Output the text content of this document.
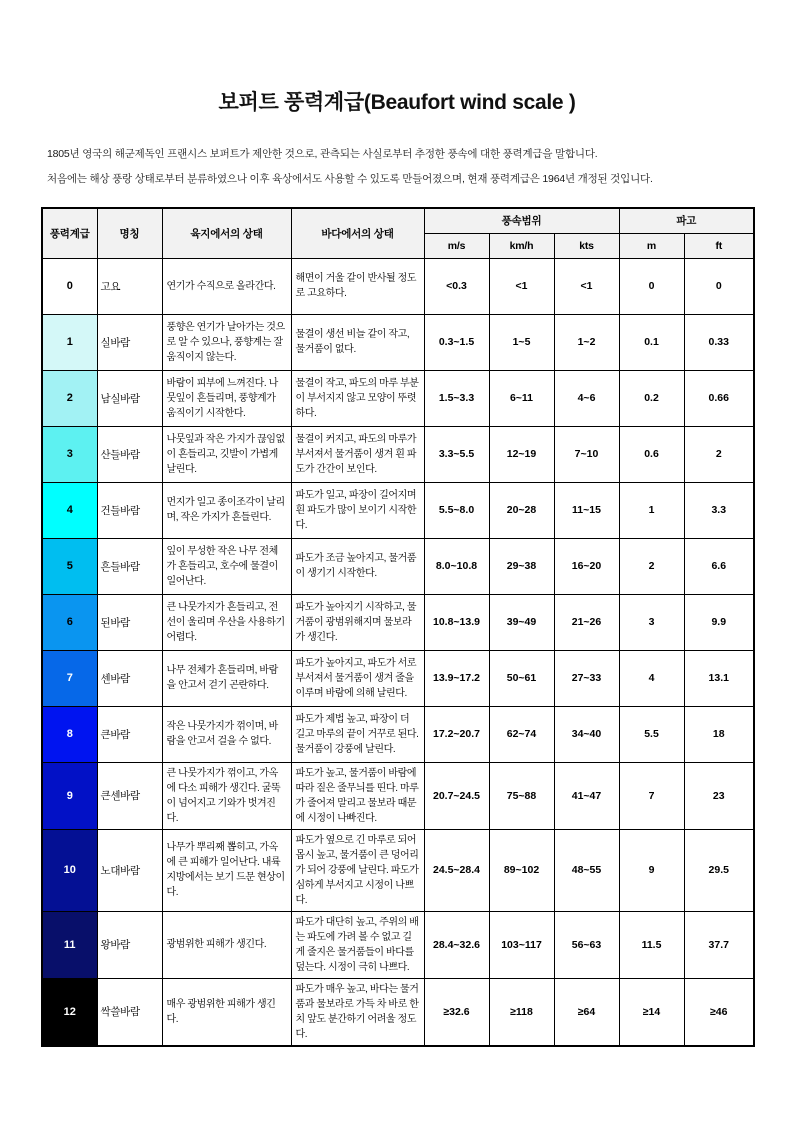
보퍼트 풍력계급(Beaufort wind scale )

1805년 영국의 해군제독인 프랜시스 보퍼트가 제안한 것으로, 관측되는 사실로부터 추정한 풍속에 대한 풍력계급을 말합니다.

처음에는 해상 풍랑 상태로부터 분류하였으나 이후 육상에서도 사용할 수 있도록 만들어졌으며, 현재 풍력계급은 1964년 개정된 것입니다.

풍력계급	명칭	육지에서의 상태	바다에서의 상태	풍속범위			파고	
				m/s	km/h	kts	m	ft
0	고요	연기가 수직으로 올라간다.	해면이 거울 같이 반사될 정도로 고요하다.	<0.3	<1	<1	0	0
1	실바람	풍향은 연기가 날아가는 것으로 알 수 있으나, 풍향계는 잘 움직이지 않는다.	물결이 생선 비늘 같이 작고, 물거품이 없다.	0.3~1.5	1~5	1~2	0.1	0.33
2	남실바람	바람이 피부에 느껴진다. 나뭇잎이 흔들리며, 풍향계가 움직이기 시작한다.	물결이 작고, 파도의 마루 부분이 부서지지 않고 모양이 뚜렷하다.	1.5~3.3	6~11	4~6	0.2	0.66
3	산들바람	나뭇잎과 작은 가지가 끊임없이 흔들리고, 깃발이 가볍게 날린다.	물결이 커지고, 파도의 마루가 부서져서 물거품이 생겨 흰 파도가 간간이 보인다.	3.3~5.5	12~19	7~10	0.6	2
4	건들바람	먼지가 일고 종이조각이 날리며, 작은 가지가 흔들린다.	파도가 일고, 파장이 길어지며 흰 파도가 많이 보이기 시작한다.	5.5~8.0	20~28	11~15	1	3.3
5	흔들바람	잎이 무성한 작은 나무 전체가 흔들리고, 호수에 물결이 일어난다.	파도가 조금 높아지고, 물거품이 생기기 시작한다.	8.0~10.8	29~38	16~20	2	6.6
6	된바람	큰 나뭇가지가 흔들리고, 전선이 울리며 우산을 사용하기 어렵다.	파도가 높아지기 시작하고, 물거품이 광범위해지며 물보라가 생긴다.	10.8~13.9	39~49	21~26	3	9.9
7	센바람	나무 전체가 흔들리며, 바람을 안고서 걷기 곤란하다.	파도가 높아지고, 파도가 서로 부서져서 물거품이 생겨 줄을 이루며 바람에 의해 날린다.	13.9~17.2	50~61	27~33	4	13.1
8	큰바람	작은 나뭇가지가 꺾이며, 바람을 안고서 걸을 수 없다.	파도가 제법 높고, 파장이 더 길고 마루의 끝이 거꾸로 된다. 물거품이 강풍에 날린다.	17.2~20.7	62~74	34~40	5.5	18
9	큰센바람	큰 나뭇가지가 꺾이고, 가옥에 다소 피해가 생긴다. 굴뚝이 넘어지고 기와가 벗겨진다.	파도가 높고, 물거품이 바람에 따라 짙은 줄무늬를 띤다. 마루가 줄어져 말리고 물보라 때문에 시정이 나빠진다.	20.7~24.5	75~88	41~47	7	23
10	노대바람	나무가 뿌리째 뽑히고, 가옥에 큰 피해가 일어난다. 내륙 지방에서는 보기 드문 현상이다.	파도가 옆으로 긴 마루로 되어 몹시 높고, 물거품이 큰 덩어리가 되어 강풍에 날린다. 파도가 심하게 부서지고 시정이 나쁘다.	24.5~28.4	89~102	48~55	9	29.5
11	왕바람	광범위한 피해가 생긴다.	파도가 대단히 높고, 주위의 배는 파도에 가려 볼 수 없고 길게 줄지은 물거품들이 바다를 덮는다. 시정이 극히 나쁘다.	28.4~32.6	103~117	56~63	11.5	37.7
12	싹쓸바람	매우 광범위한 피해가 생긴다.	파도가 매우 높고, 바다는 물거품과 물보라로 가득 차 바로 한치 앞도 분간하기 어려울 정도다.	≥32.6	≥118	≥64	≥14	≥46
